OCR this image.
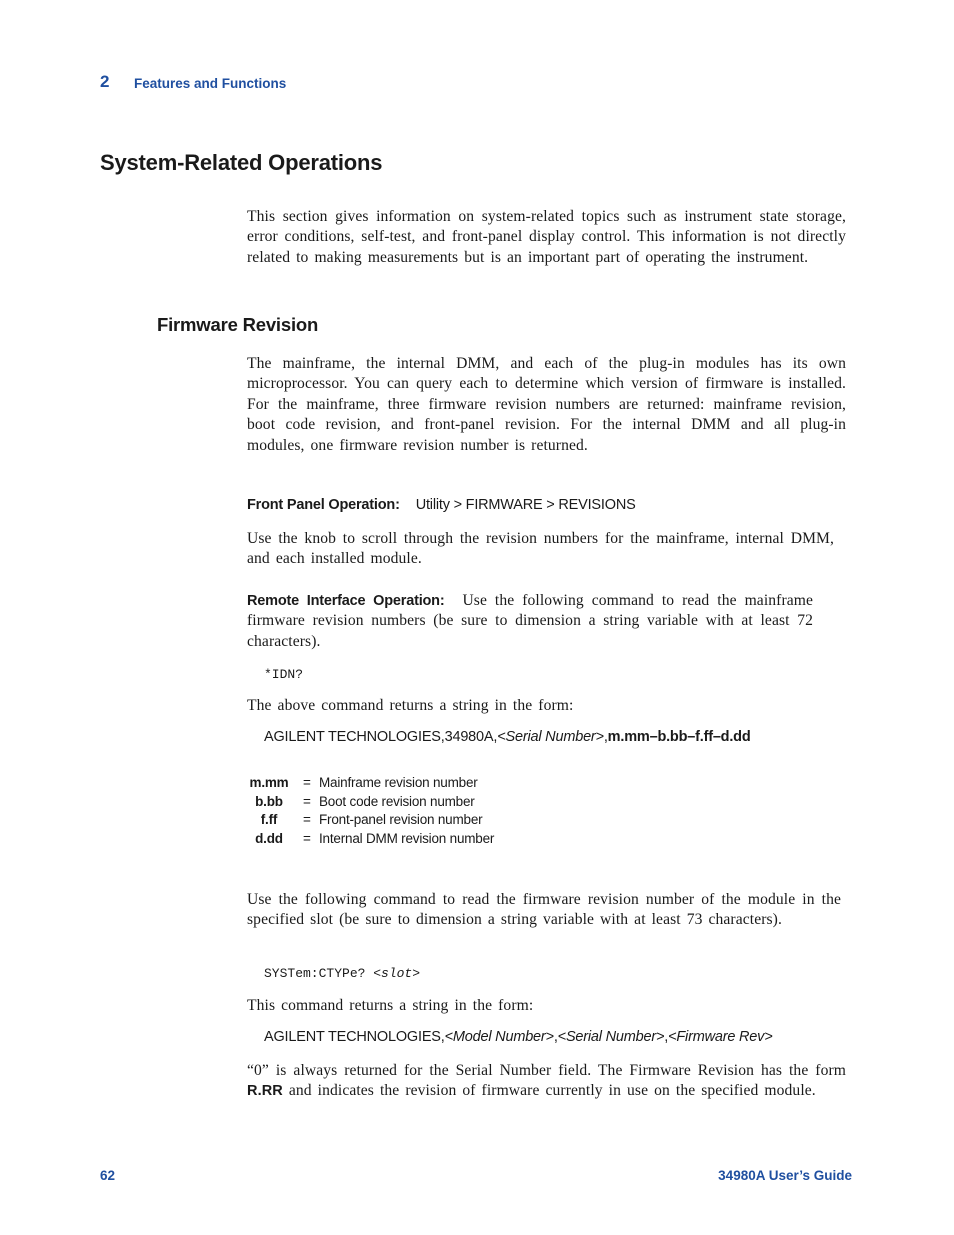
2 Features and Functions
System-Related Operations
This section gives information on system-related topics such as instrument state storage, error conditions, self-test, and front-panel display control. This information is not directly related to making measurements but is an important part of operating the instrument.
Firmware Revision
The mainframe, the internal DMM, and each of the plug-in modules has its own microprocessor. You can query each to determine which version of firmware is installed. For the mainframe, three firmware revision numbers are returned: mainframe revision, boot code revision, and front-panel revision. For the internal DMM and all plug-in modules, one firmware revision number is returned.
Front Panel Operation: Utility > FIRMWARE > REVISIONS
Use the knob to scroll through the revision numbers for the mainframe, internal DMM, and each installed module.
Remote Interface Operation: Use the following command to read the mainframe firmware revision numbers (be sure to dimension a string variable with at least 72 characters).
*IDN?
The above command returns a string in the form:
AGILENT TECHNOLOGIES,34980A,<Serial Number>,m.mm–b.bb–f.ff–d.dd
m.mm = Mainframe revision number
b.bb	= Boot code revision number
f.ff	= Front-panel revision number
d.dd	= Internal DMM revision number
Use the following command to read the firmware revision number of the module in the specified slot (be sure to dimension a string variable with at least 73 characters).
SYSTem:CTYPe? <slot>
This command returns a string in the form:
AGILENT TECHNOLOGIES,<Model Number>,<Serial Number>,<Firmware Rev>
“0” is always returned for the Serial Number field. The Firmware Revision has the form R.RR and indicates the revision of firmware currently in use on the specified module.
62	34980A User’s Guide
